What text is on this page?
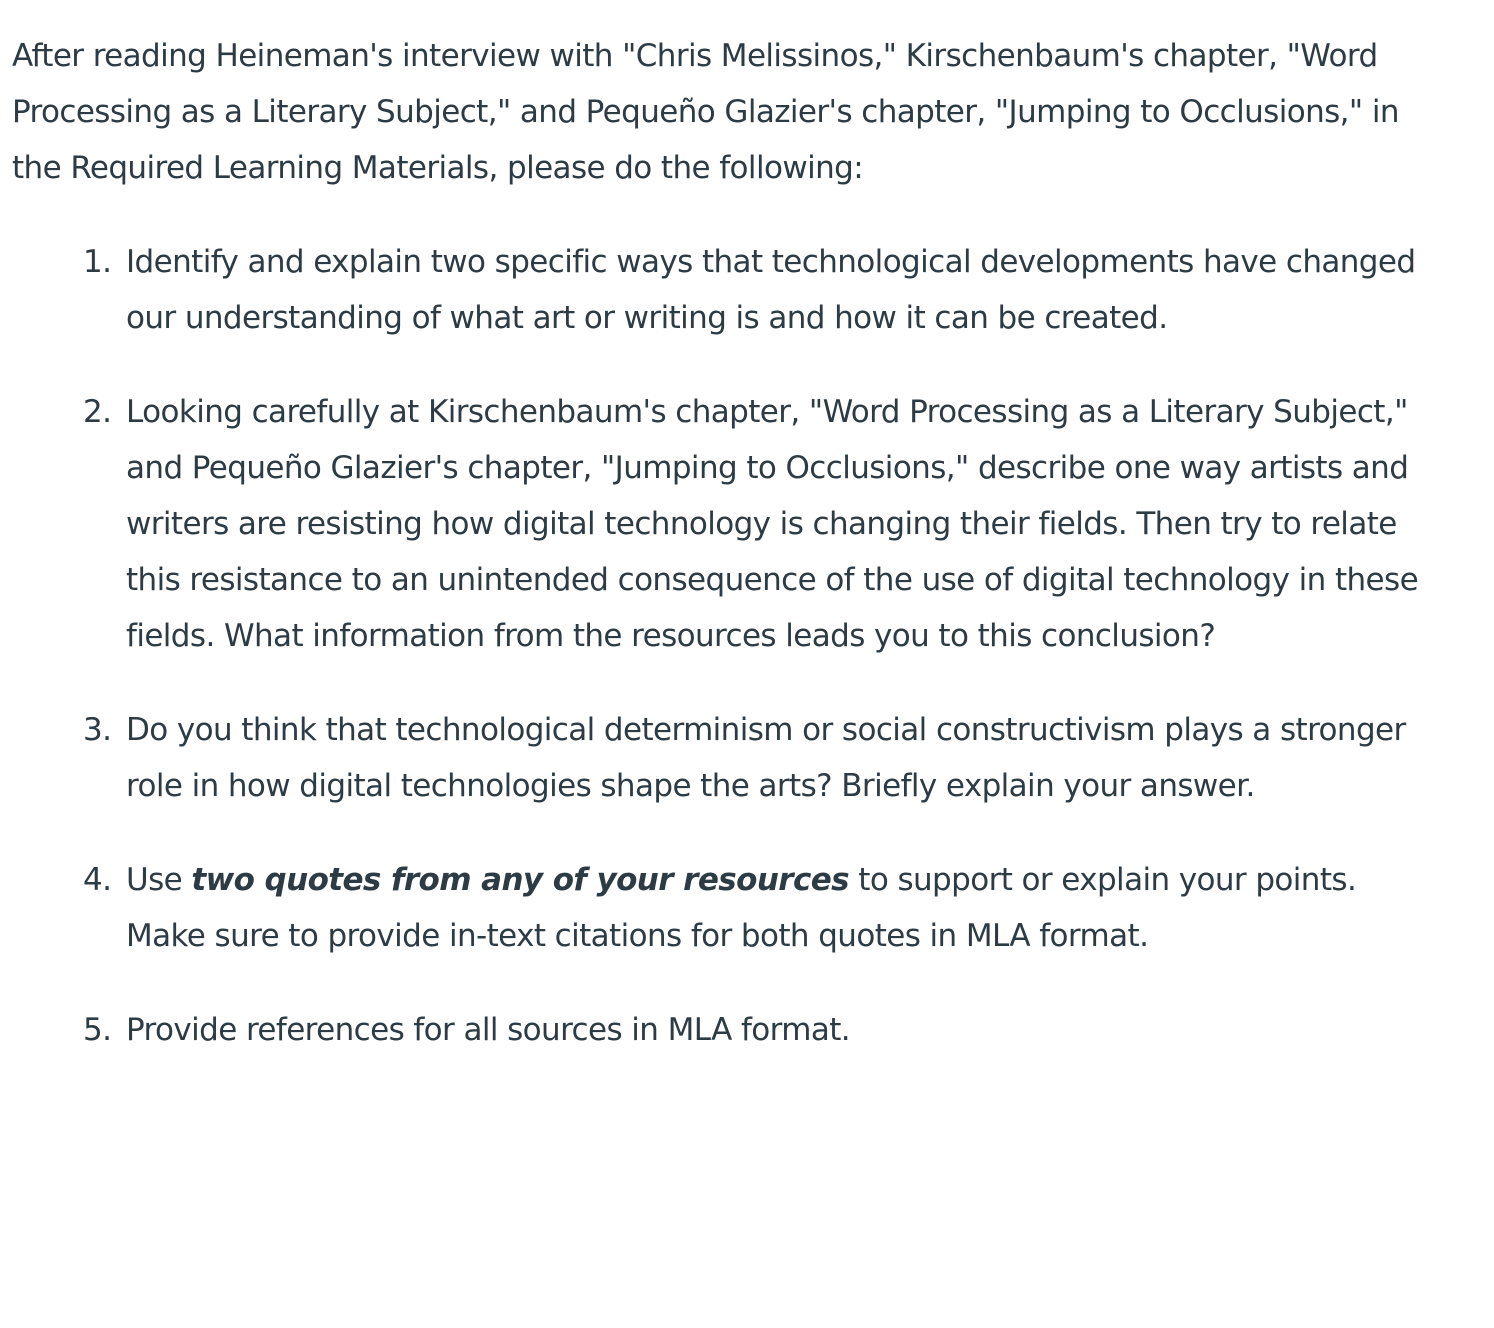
After reading Heineman's interview with "Chris Melissinos," Kirschenbaum's chapter, "Word Processing as a Literary Subject," and Pequeño Glazier's chapter, "Jumping to Occlusions," in the Required Learning Materials, please do the following:

1. Identify and explain two specific ways that technological developments have changed our understanding of what art or writing is and how it can be created.
2. Looking carefully at Kirschenbaum's chapter, "Word Processing as a Literary Subject," and Pequeño Glazier's chapter, "Jumping to Occlusions," describe one way artists and writers are resisting how digital technology is changing their fields. Then try to relate this resistance to an unintended consequence of the use of digital technology in these fields. What information from the resources leads you to this conclusion?
3. Do you think that technological determinism or social constructivism plays a stronger role in how digital technologies shape the arts? Briefly explain your answer.
4. Use two quotes from any of your resources to support or explain your points. Make sure to provide in-text citations for both quotes in MLA format.
5. Provide references for all sources in MLA format.
